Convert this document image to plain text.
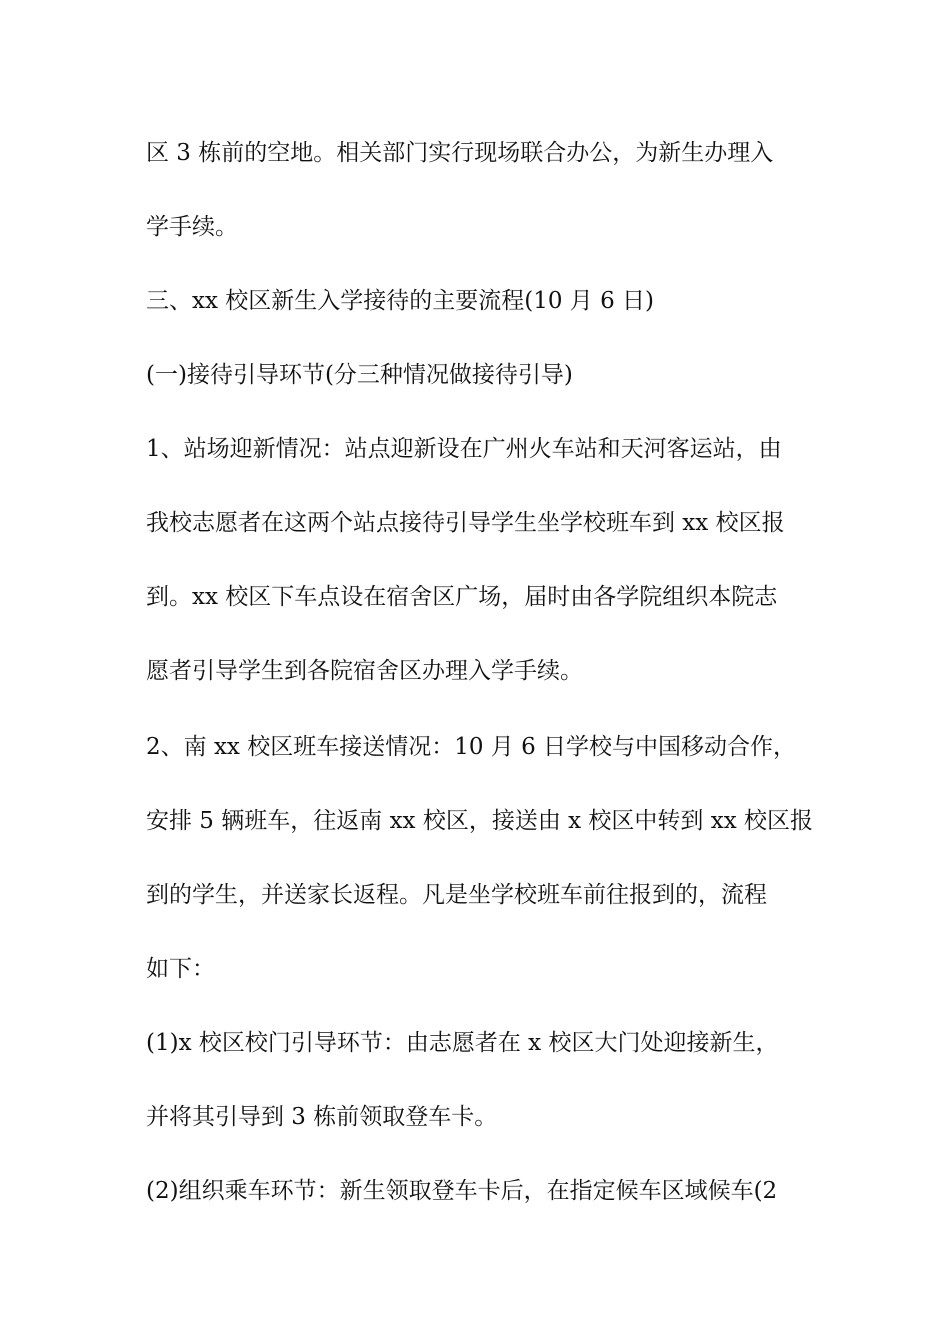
区 3 栋前的空地。相关部门实行现场联合办公，为新生办理入
学手续。
三、xx 校区新生入学接待的主要流程(10 月 6 日)
(一)接待引导环节(分三种情况做接待引导)
1、站场迎新情况：站点迎新设在广州火车站和天河客运站，由
我校志愿者在这两个站点接待引导学生坐学校班车到 xx 校区报
到。xx 校区下车点设在宿舍区广场，届时由各学院组织本院志
愿者引导学生到各院宿舍区办理入学手续。
2、南 xx 校区班车接送情况：10 月 6 日学校与中国移动合作，
安排 5 辆班车，往返南 xx 校区，接送由 x 校区中转到 xx 校区报
到的学生，并送家长返程。凡是坐学校班车前往报到的，流程
如下：
(1)x 校区校门引导环节：由志愿者在 x 校区大门处迎接新生，
并将其引导到 3 栋前领取登车卡。
(2)组织乘车环节：新生领取登车卡后，在指定候车区域候车(2
